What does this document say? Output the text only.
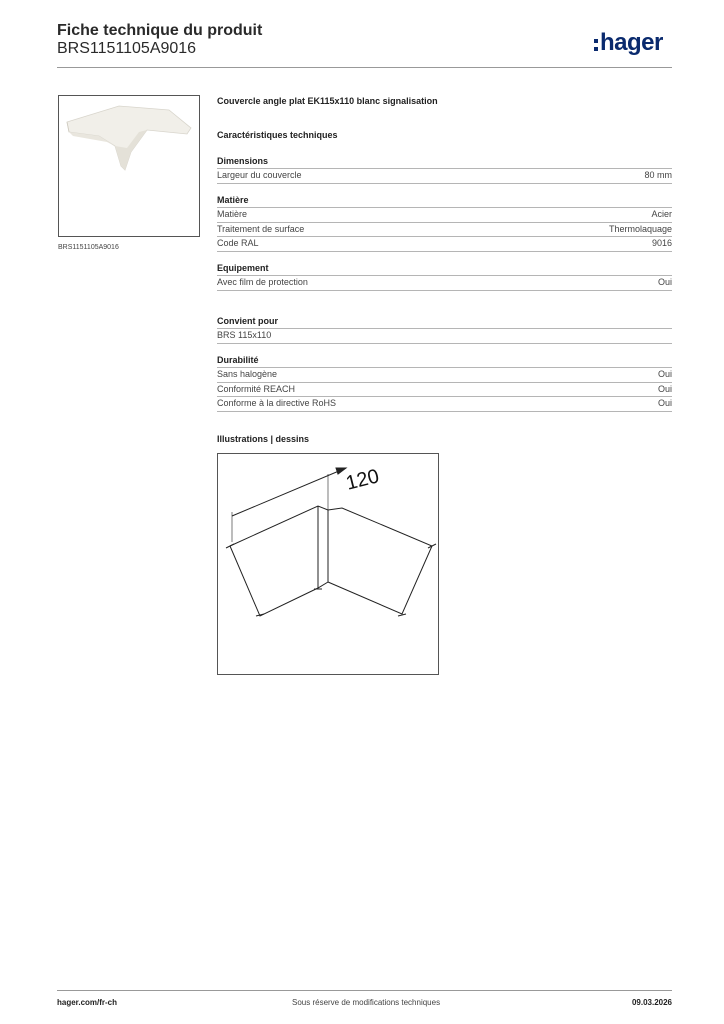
Fiche technique du produit
BRS1151105A9016	hager
BRS1151105A9016
Couvercle angle plat EK115x110 blanc signalisation
Caractéristiques techniques
Dimensions
Largeur du couvercle	80 mm
Matière
Matière	Acier
Traitement de surface	Thermolaquage
Code RAL	9016
Equipement
Avec film de protection	Oui
Convient pour
BRS 115x110
Durabilité
Sans halogène	Oui
Conformité REACH	Oui
Conforme à la directive RoHS	Oui
Illustrations | dessins
120
hager.com/fr-ch	Sous réserve de modifications techniques	09.03.2026
